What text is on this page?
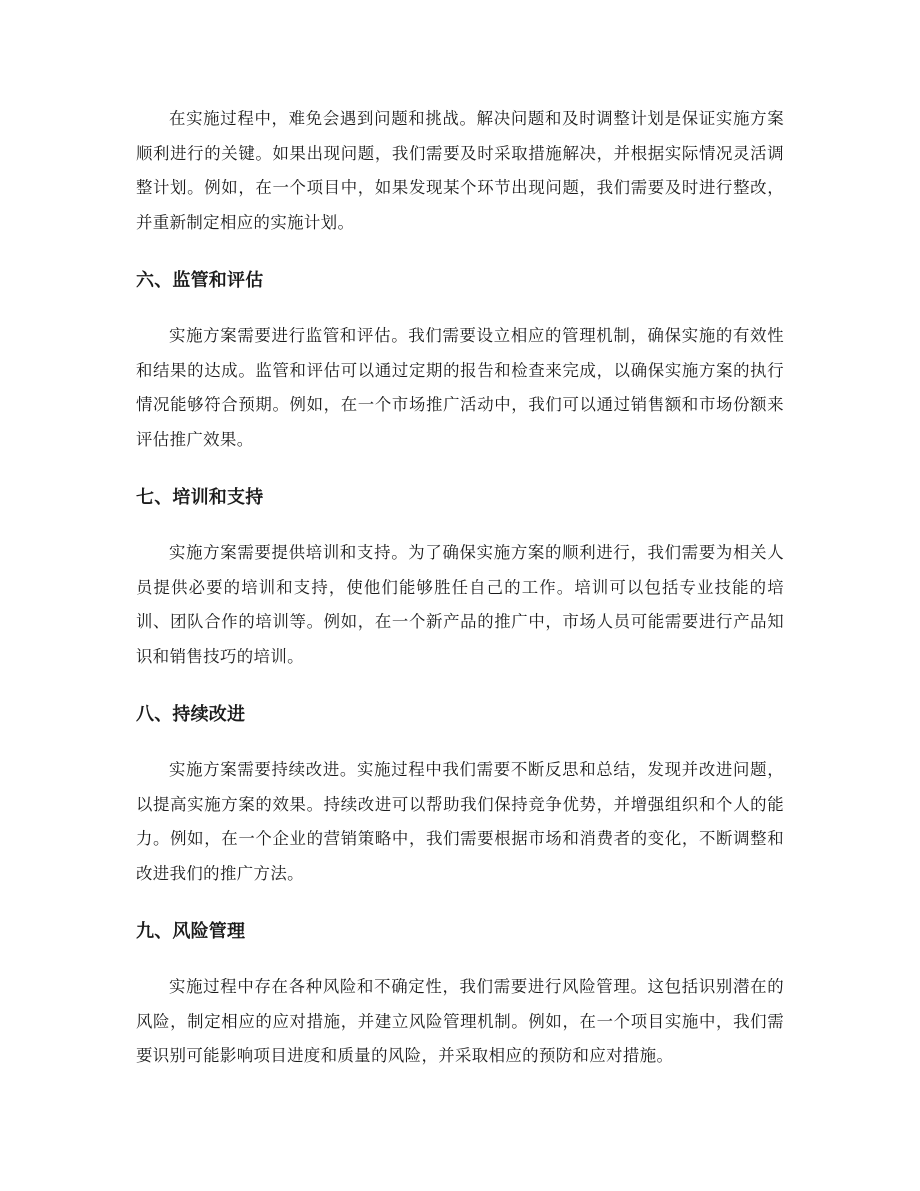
在实施过程中，难免会遇到问题和挑战。解决问题和及时调整计划是保证实施方案顺利进行的关键。如果出现问题，我们需要及时采取措施解决，并根据实际情况灵活调整计划。例如，在一个项目中，如果发现某个环节出现问题，我们需要及时进行整改，并重新制定相应的实施计划。

六、监管和评估

实施方案需要进行监管和评估。我们需要设立相应的管理机制，确保实施的有效性和结果的达成。监管和评估可以通过定期的报告和检查来完成，以确保实施方案的执行情况能够符合预期。例如，在一个市场推广活动中，我们可以通过销售额和市场份额来评估推广效果。

七、培训和支持

实施方案需要提供培训和支持。为了确保实施方案的顺利进行，我们需要为相关人员提供必要的培训和支持，使他们能够胜任自己的工作。培训可以包括专业技能的培训、团队合作的培训等。例如，在一个新产品的推广中，市场人员可能需要进行产品知识和销售技巧的培训。

八、持续改进

实施方案需要持续改进。实施过程中我们需要不断反思和总结，发现并改进问题，以提高实施方案的效果。持续改进可以帮助我们保持竞争优势，并增强组织和个人的能力。例如，在一个企业的营销策略中，我们需要根据市场和消费者的变化，不断调整和改进我们的推广方法。

九、风险管理

实施过程中存在各种风险和不确定性，我们需要进行风险管理。这包括识别潜在的风险，制定相应的应对措施，并建立风险管理机制。例如，在一个项目实施中，我们需要识别可能影响项目进度和质量的风险，并采取相应的预防和应对措施。
